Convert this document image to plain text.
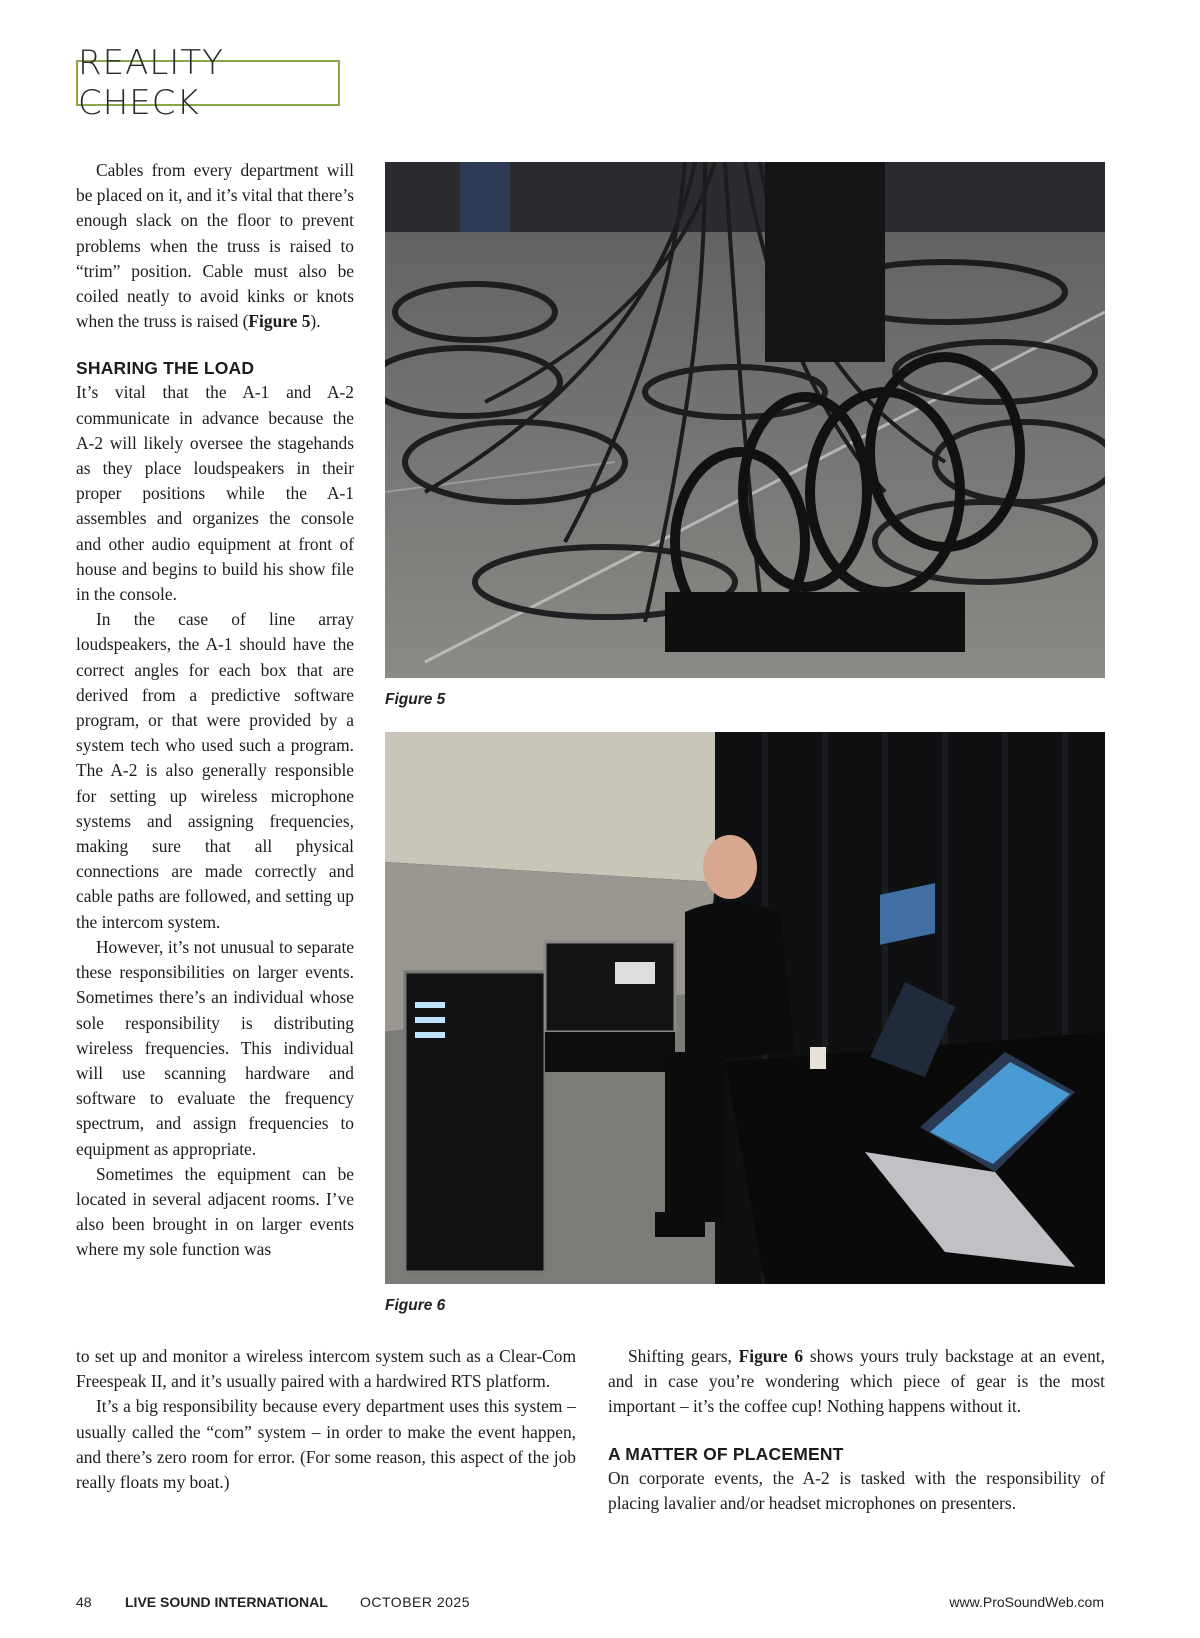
REALITY CHECK

Cables from every department will be placed on it, and it’s vital that there’s enough slack on the floor to prevent problems when the truss is raised to “trim” position. Cable must also be coiled neatly to avoid kinks or knots when the truss is raised (Figure 5).

SHARING THE LOAD

It’s vital that the A-1 and A-2 communicate in advance because the A-2 will likely oversee the stagehands as they place loudspeakers in their proper positions while the A-1 assembles and organizes the console and other audio equipment at front of house and begins to build his show file in the console.

In the case of line array loudspeakers, the A-1 should have the correct angles for each box that are derived from a predictive software program, or that were provided by a system tech who used such a program. The A-2 is also generally responsible for setting up wireless microphone systems and assigning frequencies, making sure that all physical connections are made correctly and cable paths are followed, and setting up the intercom system.

However, it’s not unusual to separate these responsibilities on larger events. Sometimes there’s an individual whose sole responsibility is distributing wireless frequencies. This individual will use scanning hardware and software to evaluate the frequency spectrum, and assign frequencies to equipment as appropriate.

Sometimes the equipment can be located in several adjacent rooms. I’ve also been brought in on larger events where my sole function was

to set up and monitor a wireless intercom system such as a Clear-Com Freespeak II, and it’s usually paired with a hardwired RTS platform.

It’s a big responsibility because every department uses this system – usually called the “com” system – in order to make the event happen, and there’s zero room for error. (For some reason, this aspect of the job really floats my boat.)

Shifting gears, Figure 6 shows yours truly backstage at an event, and in case you’re wondering which piece of gear is the most important – it’s the coffee cup! Nothing happens without it.

A MATTER OF PLACEMENT

On corporate events, the A-2 is tasked with the responsibility of placing lavalier and/or headset microphones on presenters.

Figure 5
Figure 6
48 LIVE SOUND INTERNATIONAL OCTOBER 2025	www.ProSoundWeb.com
